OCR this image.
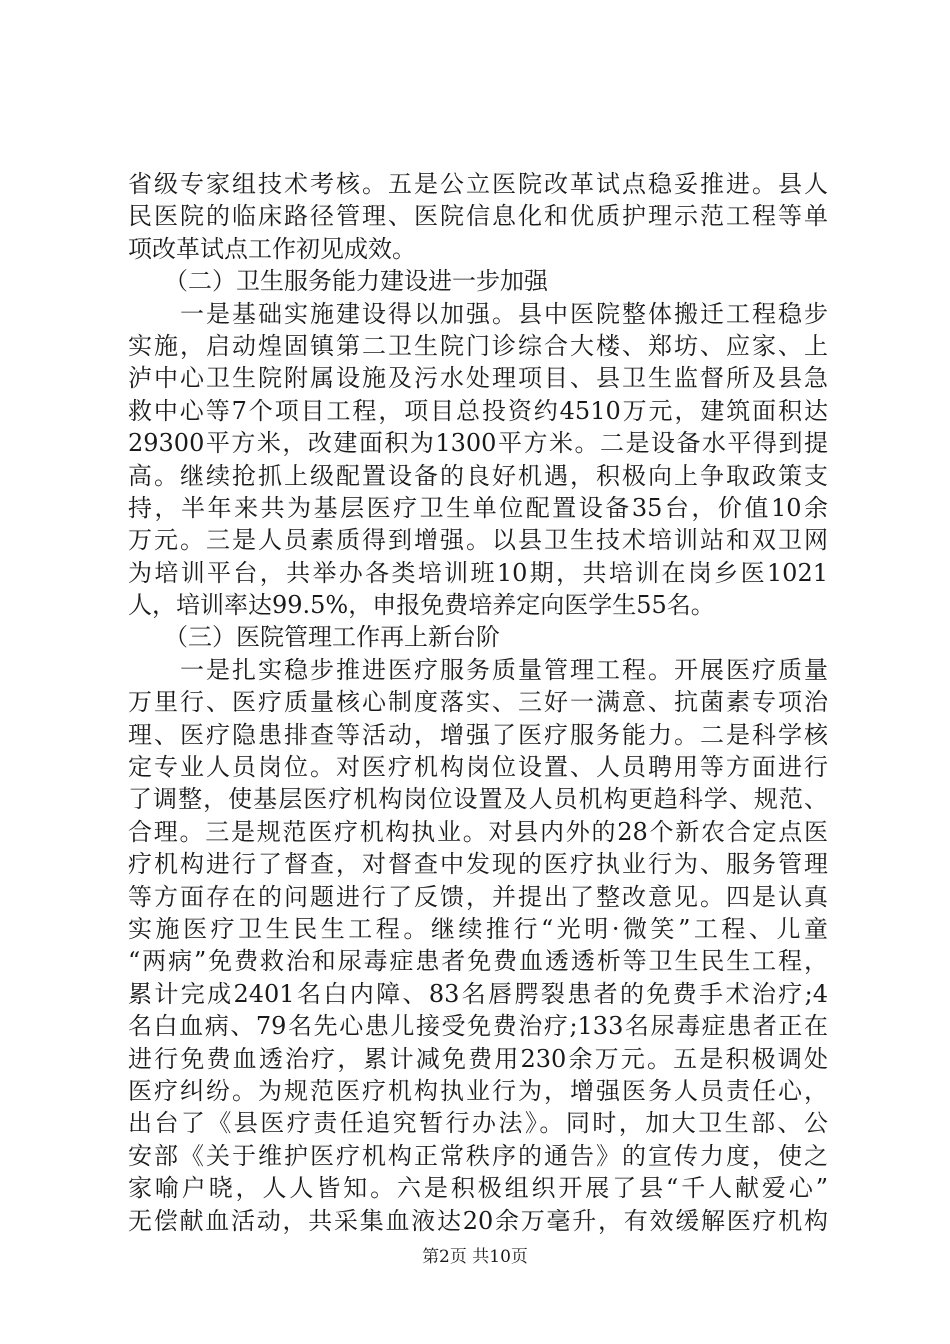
省级专家组技术考核。五是公立医院改革试点稳妥推进。县人
民医院的临床路径管理、医院信息化和优质护理示范工程等单
项改革试点工作初见成效。
　　（二）卫生服务能力建设进一步加强
　　一是基础实施建设得以加强。县中医院整体搬迁工程稳步
实施，启动煌固镇第二卫生院门诊综合大楼、郑坊、应家、上
泸中心卫生院附属设施及污水处理项目、县卫生监督所及县急
救中心等7个项目工程，项目总投资约4510万元，建筑面积达
29300平方米，改建面积为1300平方米。二是设备水平得到提
高。继续抢抓上级配置设备的良好机遇，积极向上争取政策支
持，半年来共为基层医疗卫生单位配置设备35台，价值10余
万元。三是人员素质得到增强。以县卫生技术培训站和双卫网
为培训平台，共举办各类培训班10期，共培训在岗乡医1021
人，培训率达99.5%，申报免费培养定向医学生55名。
　　（三）医院管理工作再上新台阶
　　一是扎实稳步推进医疗服务质量管理工程。开展医疗质量
万里行、医疗质量核心制度落实、三好一满意、抗菌素专项治
理、医疗隐患排查等活动，增强了医疗服务能力。二是科学核
定专业人员岗位。对医疗机构岗位设置、人员聘用等方面进行
了调整，使基层医疗机构岗位设置及人员机构更趋科学、规范、
合理。三是规范医疗机构执业。对县内外的28个新农合定点医
疗机构进行了督查，对督查中发现的医疗执业行为、服务管理
等方面存在的问题进行了反馈，并提出了整改意见。四是认真
实施医疗卫生民生工程。继续推行“光明·微笑”工程、儿童
“两病”免费救治和尿毒症患者免费血透透析等卫生民生工程，
累计完成2401名白内障、83名唇腭裂患者的免费手术治疗;4
名白血病、79名先心患儿接受免费治疗;133名尿毒症患者正在
进行免费血透治疗，累计减免费用230余万元。五是积极调处
医疗纠纷。为规范医疗机构执业行为，增强医务人员责任心，
出台了《县医疗责任追究暂行办法》。同时，加大卫生部、公
安部《关于维护医疗机构正常秩序的通告》的宣传力度，使之
家喻户晓，人人皆知。六是积极组织开展了县“千人献爱心”
无偿献血活动，共采集血液达20余万毫升，有效缓解医疗机构
第2页 共10页
